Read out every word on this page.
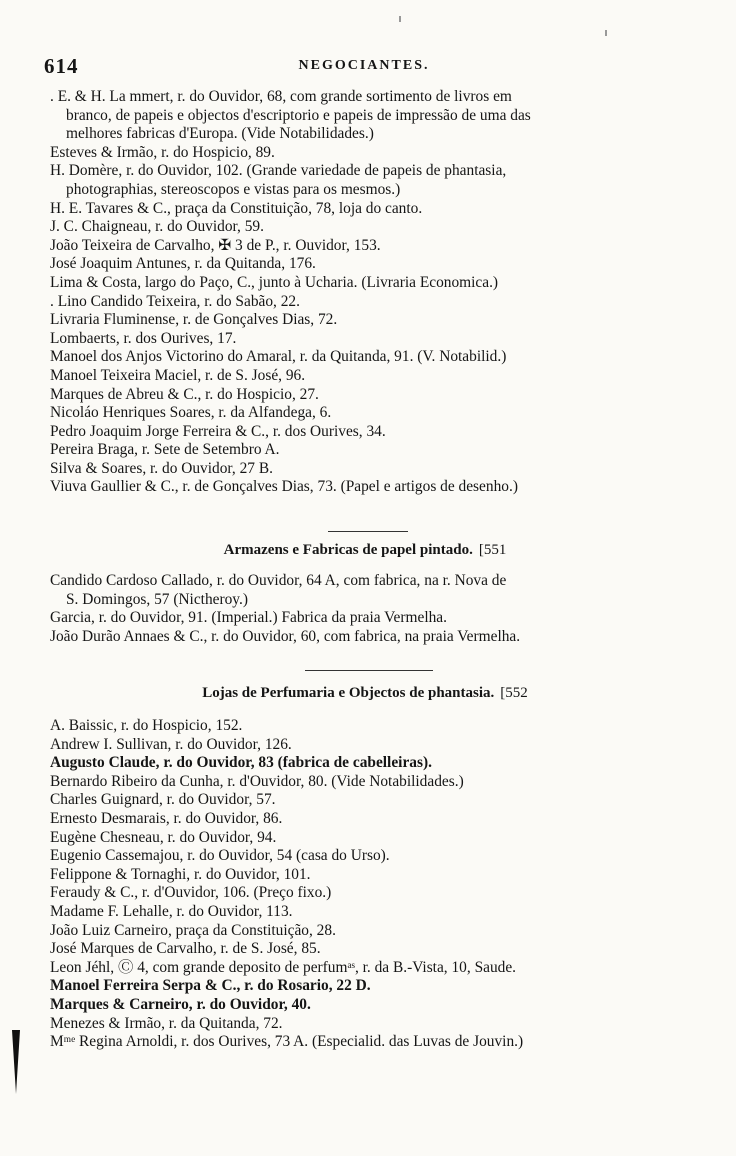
614	NEGOCIANTES.
. E. & H. La mmert, r. do Ouvidor, 68, com grande sortimento de livros em
branco, de papeis e objectos d'escriptorio e papeis de impressão de uma das
melhores fabricas d'Europa. (Vide Notabilidades.)
Esteves & Irmão, r. do Hospicio, 89.
H. Domère, r. do Ouvidor, 102. (Grande variedade de papeis de phantasia,
photographias, stereoscopos e vistas para os mesmos.)
H. E. Tavares & C., praça da Constituição, 78, loja do canto.
J. C. Chaigneau, r. do Ouvidor, 59.
João Teixeira de Carvalho, ✠ 3 de P., r. Ouvidor, 153.
José Joaquim Antunes, r. da Quitanda, 176.
Lima & Costa, largo do Paço, C., junto à Ucharia. (Livraria Economica.)
. Lino Candido Teixeira, r. do Sabão, 22.
Livraria Fluminense, r. de Gonçalves Dias, 72.
Lombaerts, r. dos Ourives, 17.
Manoel dos Anjos Victorino do Amaral, r. da Quitanda, 91. (V. Notabilid.)
Manoel Teixeira Maciel, r. de S. José, 96.
Marques de Abreu & C., r. do Hospicio, 27.
Nicoláo Henriques Soares, r. da Alfandega, 6.
Pedro Joaquim Jorge Ferreira & C., r. dos Ourives, 34.
Pereira Braga, r. Sete de Setembro A.
Silva & Soares, r. do Ouvidor, 27 B.
Viuva Gaullier & C., r. de Gonçalves Dias, 73. (Papel e artigos de desenho.)
Armazens e Fabricas de papel pintado. [551
Candido Cardoso Callado, r. do Ouvidor, 64 A, com fabrica, na r. Nova de
S. Domingos, 57 (Nictheroy.)
Garcia, r. do Ouvidor, 91. (Imperial.) Fabrica da praia Vermelha.
João Durão Annaes & C., r. do Ouvidor, 60, com fabrica, na praia Vermelha.
Lojas de Perfumaria e Objectos de phantasia. [552
A. Baissic, r. do Hospicio, 152.
Andrew I. Sullivan, r. do Ouvidor, 126.
Augusto Claude, r. do Ouvidor, 83 (fabrica de cabelleiras).
Bernardo Ribeiro da Cunha, r. d'Ouvidor, 80. (Vide Notabilidades.)
Charles Guignard, r. do Ouvidor, 57.
Ernesto Desmarais, r. do Ouvidor, 86.
Eugène Chesneau, r. do Ouvidor, 94.
Eugenio Cassemajou, r. do Ouvidor, 54 (casa do Urso).
Felippone & Tornaghi, r. do Ouvidor, 101.
Feraudy & C., r. d'Ouvidor, 106. (Preço fixo.)
Madame F. Lehalle, r. do Ouvidor, 113.
João Luiz Carneiro, praça da Constituição, 28.
José Marques de Carvalho, r. de S. José, 85.
Leon Jéhl, Ⓒ 4, com grande deposito de perfumᵃˢ, r. da B.-Vista, 10, Saude.
Manoel Ferreira Serpa & C., r. do Rosario, 22 D.
Marques & Carneiro, r. do Ouvidor, 40.
Menezes & Irmão, r. da Quitanda, 72.
Mᵐᵉ Regina Arnoldi, r. dos Ourives, 73 A. (Especialid. das Luvas de Jouvin.)
